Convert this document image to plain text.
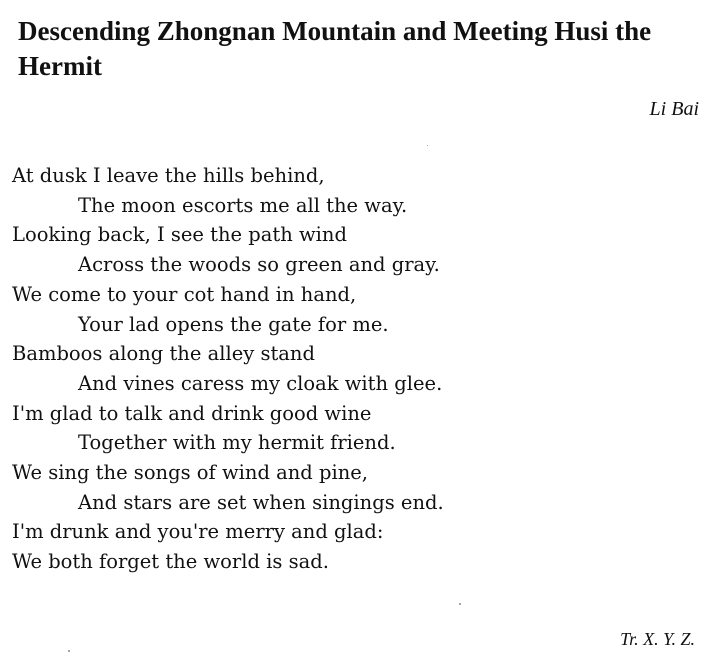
Descending Zhongnan Mountain and Meeting Husi the Hermit
Li Bai
At dusk I leave the hills behind,
The moon escorts me all the way.
Looking back, I see the path wind
Across the woods so green and gray.
We come to your cot hand in hand,
Your lad opens the gate for me.
Bamboos along the alley stand
And vines caress my cloak with glee.
I'm glad to talk and drink good wine
Together with my hermit friend.
We sing the songs of wind and pine,
And stars are set when singings end.
I'm drunk and you're merry and glad:
We both forget the world is sad.
Tr. X. Y. Z.
